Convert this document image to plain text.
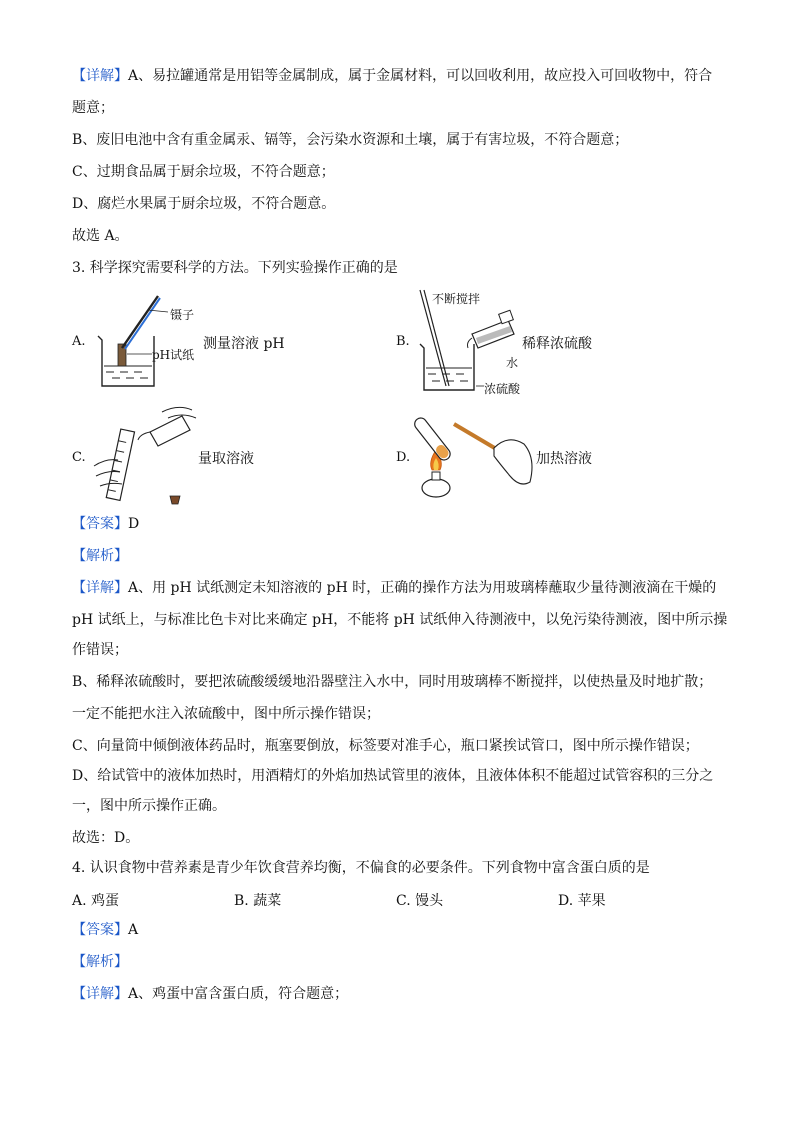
【详解】A、易拉罐通常是用铝等金属制成，属于金属材料，可以回收利用，故应投入可回收物中，符合
题意；
B、废旧电池中含有重金属汞、镉等，会污染水资源和土壤，属于有害垃圾，不符合题意；
C、过期食品属于厨余垃圾，不符合题意；
D、腐烂水果属于厨余垃圾，不符合题意。
故选 A。
3. 科学探究需要科学的方法。下列实验操作正确的是
A.
镊子
pH试纸
测量溶液 pH	B.
不断搅拌
稀释浓硫酸
水
浓硫酸
C.	量取溶液	D.	加热溶液
【答案】D
【解析】
【详解】A、用 pH 试纸测定未知溶液的 pH 时，正确的操作方法为用玻璃棒蘸取少量待测液滴在干燥的
pH 试纸上，与标准比色卡对比来确定 pH，不能将 pH 试纸伸入待测液中，以免污染待测液，图中所示操
作错误；
B、稀释浓硫酸时，要把浓硫酸缓缓地沿器壁注入水中，同时用玻璃棒不断搅拌，以使热量及时地扩散；
一定不能把水注入浓硫酸中，图中所示操作错误；
C、向量筒中倾倒液体药品时，瓶塞要倒放，标签要对准手心，瓶口紧挨试管口，图中所示操作错误；
D、给试管中的液体加热时，用酒精灯的外焰加热试管里的液体，且液体体积不能超过试管容积的三分之
一，图中所示操作正确。
故选：D。
4. 认识食物中营养素是青少年饮食营养均衡，不偏食的必要条件。下列食物中富含蛋白质的是
A. 鸡蛋	B. 蔬菜	C. 馒头	D. 苹果
【答案】A
【解析】
【详解】A、鸡蛋中富含蛋白质，符合题意；
